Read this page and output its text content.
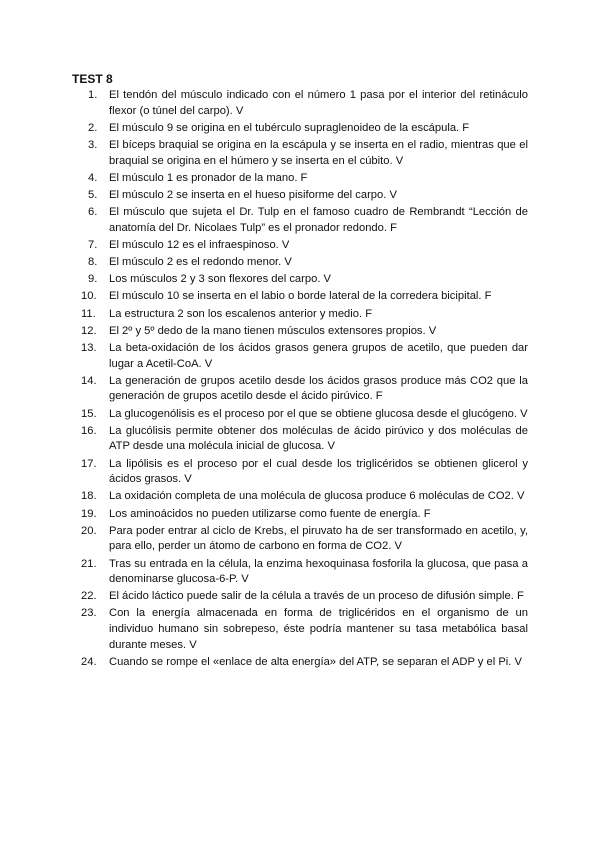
TEST 8
1. El tendón del músculo indicado con el número 1 pasa por el interior del retináculo flexor (o túnel del carpo). V
2. El músculo 9 se origina en el tubérculo supraglenoideo de la escápula. F
3. El bíceps braquial se origina en la escápula y se inserta en el radio, mientras que el braquial se origina en el húmero y se inserta en el cúbito. V
4. El músculo 1 es pronador de la mano. F
5. El músculo 2 se inserta en el hueso pisiforme del carpo. V
6. El músculo que sujeta el Dr. Tulp en el famoso cuadro de Rembrandt “Lección de anatomía del Dr. Nicolaes Tulp” es el pronador redondo. F
7. El músculo 12 es el infraespinoso. V
8. El músculo 2 es el redondo menor. V
9. Los músculos 2 y 3 son flexores del carpo. V
10. El músculo 10 se inserta en el labio o borde lateral de la corredera bicipital. F
11. La estructura 2 son los escalenos anterior y medio. F
12. El 2º y 5º dedo de la mano tienen músculos extensores propios. V
13. La beta-oxidación de los ácidos grasos genera grupos de acetilo, que pueden dar lugar a Acetil-CoA. V
14. La generación de grupos acetilo desde los ácidos grasos produce más CO2 que la generación de grupos acetilo desde el ácido pirúvico. F
15. La glucogenólisis es el proceso por el que se obtiene glucosa desde el glucógeno. V
16. La glucólisis permite obtener dos moléculas de ácido pirúvico y dos moléculas de ATP desde una molécula inicial de glucosa. V
17. La lipólisis es el proceso por el cual desde los triglicéridos se obtienen glicerol y ácidos grasos. V
18. La oxidación completa de una molécula de glucosa produce 6 moléculas de CO2. V
19. Los aminoácidos no pueden utilizarse como fuente de energía. F
20. Para poder entrar al ciclo de Krebs, el piruvato ha de ser transformado en acetilo, y, para ello, perder un átomo de carbono en forma de CO2. V
21. Tras su entrada en la célula, la enzima hexoquinasa fosforila la glucosa, que pasa a denominarse glucosa-6-P. V
22. El ácido láctico puede salir de la célula a través de un proceso de difusión simple. F
23. Con la energía almacenada en forma de triglicéridos en el organismo de un individuo humano sin sobrepeso, éste podría mantener su tasa metabólica basal durante meses. V
24. Cuando se rompe el «enlace de alta energía» del ATP, se separan el ADP y el Pi. V
